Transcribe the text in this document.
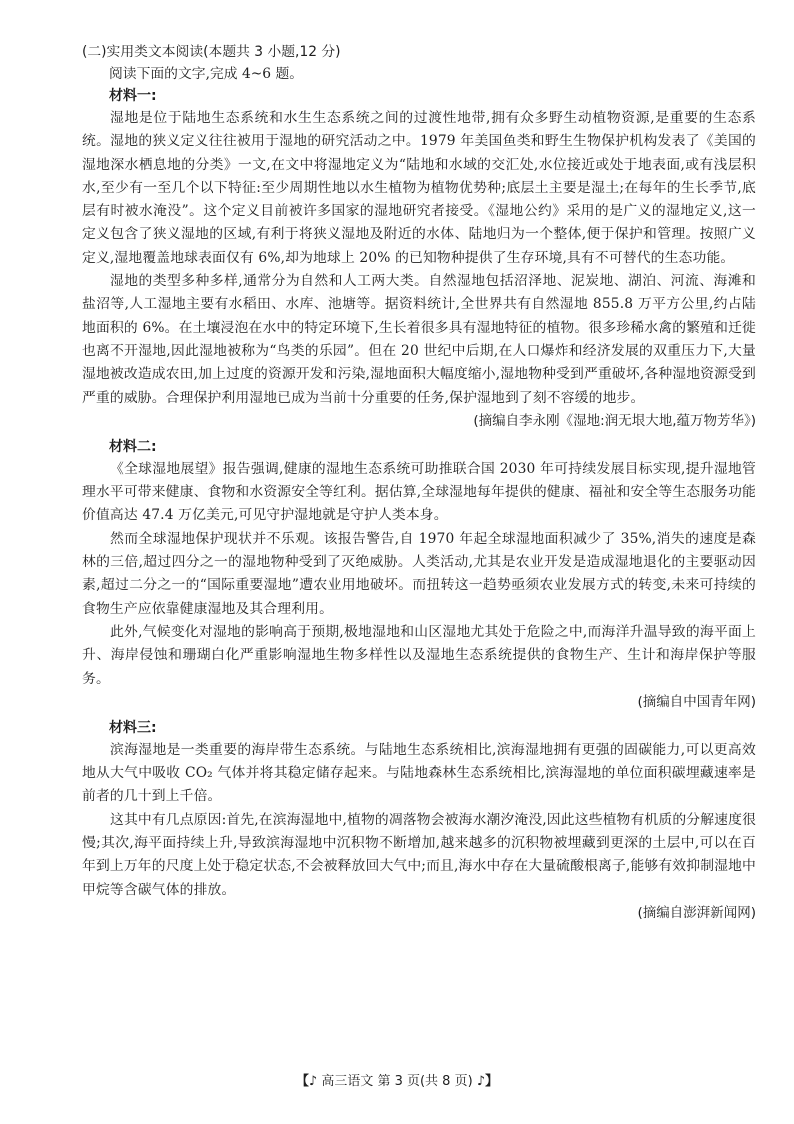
(二)实用类文本阅读(本题共 3 小题,12 分)
阅读下面的文字,完成 4~6 题。
材料一:
湿地是位于陆地生态系统和水生生态系统之间的过渡性地带,拥有众多野生动植物资源,是重要的生态系统。湿地的狭义定义往往被用于湿地的研究活动之中。1979 年美国鱼类和野生生物保护机构发表了《美国的湿地深水栖息地的分类》一文,在文中将湿地定义为“陆地和水域的交汇处,水位接近或处于地表面,或有浅层积水,至少有一至几个以下特征:至少周期性地以水生植物为植物优势种;底层土主要是湿土;在每年的生长季节,底层有时被水淹没”。这个定义目前被许多国家的湿地研究者接受。《湿地公约》采用的是广义的湿地定义,这一定义包含了狭义湿地的区域,有利于将狭义湿地及附近的水体、陆地归为一个整体,便于保护和管理。按照广义定义,湿地覆盖地球表面仅有 6%,却为地球上 20% 的已知物种提供了生存环境,具有不可替代的生态功能。
湿地的类型多种多样,通常分为自然和人工两大类。自然湿地包括沼泽地、泥炭地、湖泊、河流、海滩和盐沼等,人工湿地主要有水稻田、水库、池塘等。据资料统计,全世界共有自然湿地 855.8 万平方公里,约占陆地面积的 6%。在土壤浸泡在水中的特定环境下,生长着很多具有湿地特征的植物。很多珍稀水禽的繁殖和迁徙也离不开湿地,因此湿地被称为“鸟类的乐园”。但在 20 世纪中后期,在人口爆炸和经济发展的双重压力下,大量湿地被改造成农田,加上过度的资源开发和污染,湿地面积大幅度缩小,湿地物种受到严重破坏,各种湿地资源受到严重的威胁。合理保护利用湿地已成为当前十分重要的任务,保护湿地到了刻不容缓的地步。
(摘编自李永刚《湿地:润无垠大地,蕴万物芳华》)
材料二:
《全球湿地展望》报告强调,健康的湿地生态系统可助推联合国 2030 年可持续发展目标实现,提升湿地管理水平可带来健康、食物和水资源安全等红利。据估算,全球湿地每年提供的健康、福祉和安全等生态服务功能价值高达 47.4 万亿美元,可见守护湿地就是守护人类本身。
然而全球湿地保护现状并不乐观。该报告警告,自 1970 年起全球湿地面积减少了 35%,消失的速度是森林的三倍,超过四分之一的湿地物种受到了灭绝威胁。人类活动,尤其是农业开发是造成湿地退化的主要驱动因素,超过二分之一的“国际重要湿地”遭农业用地破坏。而扭转这一趋势亟须农业发展方式的转变,未来可持续的食物生产应依靠健康湿地及其合理利用。
此外,气候变化对湿地的影响高于预期,极地湿地和山区湿地尤其处于危险之中,而海洋升温导致的海平面上升、海岸侵蚀和珊瑚白化严重影响湿地生物多样性以及湿地生态系统提供的食物生产、生计和海岸保护等服务。
(摘编自中国青年网)
材料三:
滨海湿地是一类重要的海岸带生态系统。与陆地生态系统相比,滨海湿地拥有更强的固碳能力,可以更高效地从大气中吸收 CO₂ 气体并将其稳定储存起来。与陆地森林生态系统相比,滨海湿地的单位面积碳埋藏速率是前者的几十到上千倍。
这其中有几点原因:首先,在滨海湿地中,植物的凋落物会被海水潮汐淹没,因此这些植物有机质的分解速度很慢;其次,海平面持续上升,导致滨海湿地中沉积物不断增加,越来越多的沉积物被埋藏到更深的土层中,可以在百年到上万年的尺度上处于稳定状态,不会被释放回大气中;而且,海水中存在大量硫酸根离子,能够有效抑制湿地中甲烷等含碳气体的排放。
(摘编自澎湃新闻网)
【♪ 高三语文 第 3 页(共 8 页) ♪】
